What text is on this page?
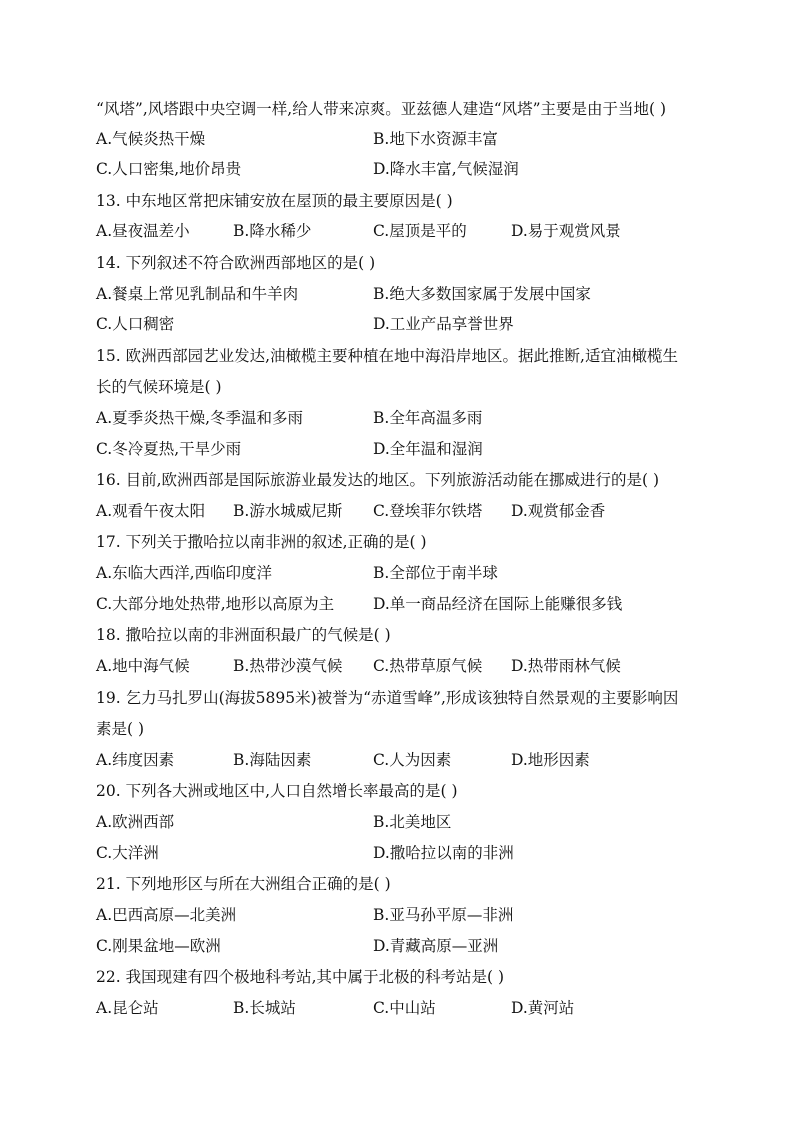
“风塔”,风塔跟中央空调一样,给人带来凉爽。亚兹德人建造“风塔”主要是由于当地( )
A.气候炎热干燥	B.地下水资源丰富
C.人口密集,地价昂贵	D.降水丰富,气候湿润
13. 中东地区常把床铺安放在屋顶的最主要原因是( )
A.昼夜温差小	B.降水稀少	C.屋顶是平的	D.易于观赏风景
14. 下列叙述不符合欧洲西部地区的是( )
A.餐桌上常见乳制品和牛羊肉	B.绝大多数国家属于发展中国家
C.人口稠密	D.工业产品享誉世界
15. 欧洲西部园艺业发达,油橄榄主要种植在地中海沿岸地区。据此推断,适宜油橄榄生
长的气候环境是( )
A.夏季炎热干燥,冬季温和多雨	B.全年高温多雨
C.冬冷夏热,干旱少雨	D.全年温和湿润
16. 目前,欧洲西部是国际旅游业最发达的地区。下列旅游活动能在挪威进行的是( )
A.观看午夜太阳 B.游水城威尼斯 C.登埃菲尔铁塔 D.观赏郁金香
17. 下列关于撒哈拉以南非洲的叙述,正确的是( )
A.东临大西洋,西临印度洋	B.全部位于南半球
C.大部分地处热带,地形以高原为主	D.单一商品经济在国际上能赚很多钱
18. 撒哈拉以南的非洲面积最广的气候是( )
A.地中海气候	B.热带沙漠气候 C.热带草原气候 D.热带雨林气候
19. 乞力马扎罗山(海拔5895米)被誉为“赤道雪峰”,形成该独特自然景观的主要影响因
素是( )
A.纬度因素	B.海陆因素	C.人为因素	D.地形因素
20. 下列各大洲或地区中,人口自然增长率最高的是( )
A.欧洲西部	B.北美地区
C.大洋洲	D.撒哈拉以南的非洲
21. 下列地形区与所在大洲组合正确的是( )
A.巴西高原—北美洲	B.亚马孙平原—非洲
C.刚果盆地—欧洲	D.青藏高原—亚洲
22. 我国现建有四个极地科考站,其中属于北极的科考站是( )
A.昆仑站	B.长城站	C.中山站	D.黄河站
